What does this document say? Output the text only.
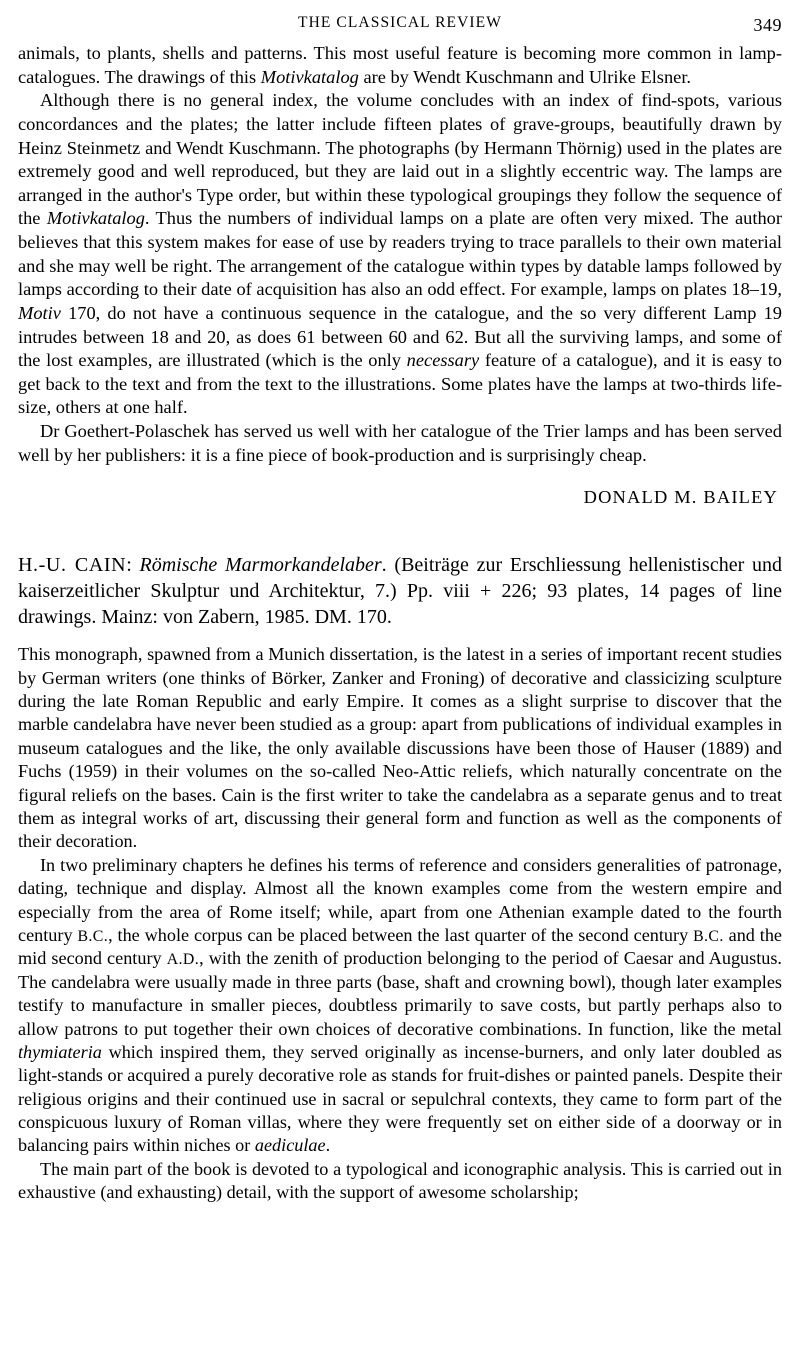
THE CLASSICAL REVIEW	349

animals, to plants, shells and patterns. This most useful feature is becoming more common in lamp-catalogues. The drawings of this Motivkatalog are by Wendt Kuschmann and Ulrike Elsner.

Although there is no general index, the volume concludes with an index of find-spots, various concordances and the plates; the latter include fifteen plates of grave-groups, beautifully drawn by Heinz Steinmetz and Wendt Kuschmann. The photographs (by Hermann Thörnig) used in the plates are extremely good and well reproduced, but they are laid out in a slightly eccentric way. The lamps are arranged in the author's Type order, but within these typological groupings they follow the sequence of the Motivkatalog. Thus the numbers of individual lamps on a plate are often very mixed. The author believes that this system makes for ease of use by readers trying to trace parallels to their own material and she may well be right. The arrangement of the catalogue within types by datable lamps followed by lamps according to their date of acquisition has also an odd effect. For example, lamps on plates 18–19, Motiv 170, do not have a continuous sequence in the catalogue, and the so very different Lamp 19 intrudes between 18 and 20, as does 61 between 60 and 62. But all the surviving lamps, and some of the lost examples, are illustrated (which is the only necessary feature of a catalogue), and it is easy to get back to the text and from the text to the illustrations. Some plates have the lamps at two-thirds life-size, others at one half.

Dr Goethert-Polaschek has served us well with her catalogue of the Trier lamps and has been served well by her publishers: it is a fine piece of book-production and is surprisingly cheap.

DONALD M. BAILEY
H.-U. CAIN: Römische Marmorkandelaber. (Beiträge zur Erschliessung hellenistischer und kaiserzeitlicher Skulptur und Architektur, 7.) Pp. viii + 226; 93 plates, 14 pages of line drawings. Mainz: von Zabern, 1985. DM. 170.

This monograph, spawned from a Munich dissertation, is the latest in a series of important recent studies by German writers (one thinks of Börker, Zanker and Froning) of decorative and classicizing sculpture during the late Roman Republic and early Empire. It comes as a slight surprise to discover that the marble candelabra have never been studied as a group: apart from publications of individual examples in museum catalogues and the like, the only available discussions have been those of Hauser (1889) and Fuchs (1959) in their volumes on the so-called Neo-Attic reliefs, which naturally concentrate on the figural reliefs on the bases. Cain is the first writer to take the candelabra as a separate genus and to treat them as integral works of art, discussing their general form and function as well as the components of their decoration.

In two preliminary chapters he defines his terms of reference and considers generalities of patronage, dating, technique and display. Almost all the known examples come from the western empire and especially from the area of Rome itself; while, apart from one Athenian example dated to the fourth century B.C., the whole corpus can be placed between the last quarter of the second century B.C. and the mid second century A.D., with the zenith of production belonging to the period of Caesar and Augustus. The candelabra were usually made in three parts (base, shaft and crowning bowl), though later examples testify to manufacture in smaller pieces, doubtless primarily to save costs, but partly perhaps also to allow patrons to put together their own choices of decorative combinations. In function, like the metal thymiateria which inspired them, they served originally as incense-burners, and only later doubled as light-stands or acquired a purely decorative role as stands for fruit-dishes or painted panels. Despite their religious origins and their continued use in sacral or sepulchral contexts, they came to form part of the conspicuous luxury of Roman villas, where they were frequently set on either side of a doorway or in balancing pairs within niches or aediculae.

The main part of the book is devoted to a typological and iconographic analysis. This is carried out in exhaustive (and exhausting) detail, with the support of awesome scholarship;
